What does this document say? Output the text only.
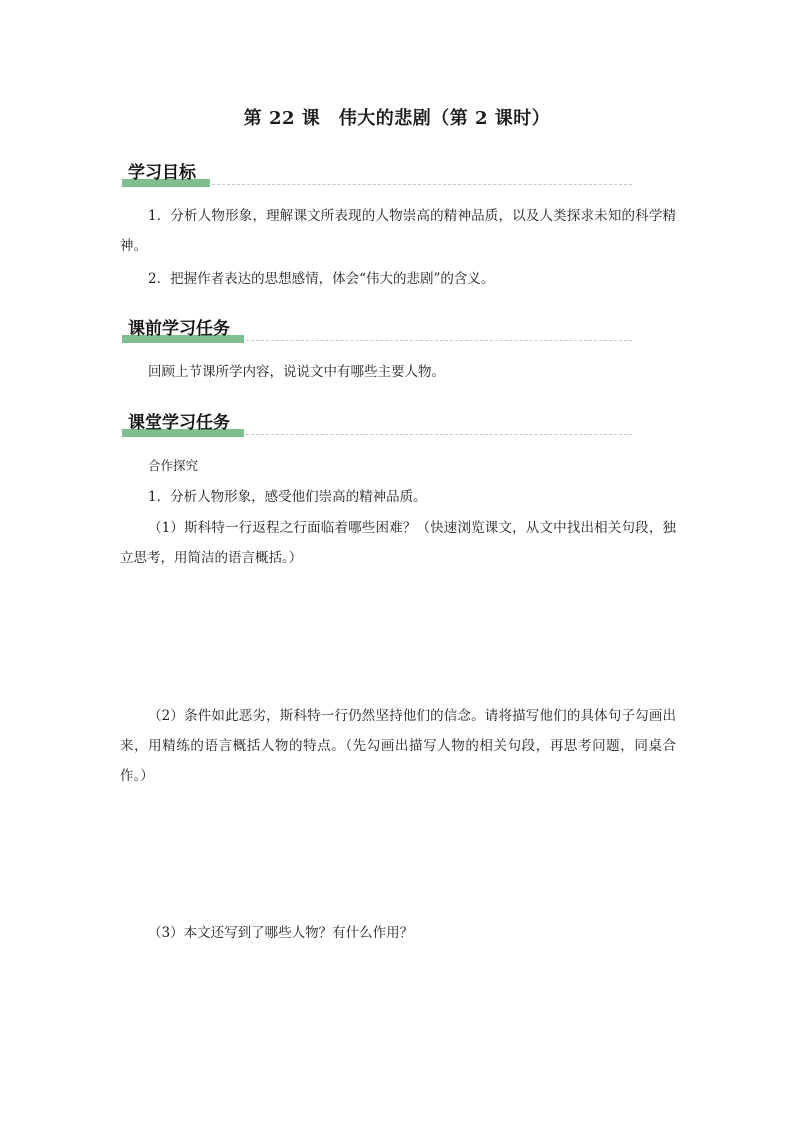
第 22 课　伟大的悲剧（第 2 课时）
学习目标
1．分析人物形象，理解课文所表现的人物崇高的精神品质，以及人类探求未知的科学精神。
2．把握作者表达的思想感情，体会“伟大的悲剧”的含义。
课前学习任务
回顾上节课所学内容，说说文中有哪些主要人物。
课堂学习任务
合作探究
1．分析人物形象，感受他们崇高的精神品质。
（1）斯科特一行返程之行面临着哪些困难？（快速浏览课文，从文中找出相关句段，独立思考，用简洁的语言概括。）
（2）条件如此恶劣，斯科特一行仍然坚持他们的信念。请将描写他们的具体句子勾画出来，用精练的语言概括人物的特点。（先勾画出描写人物的相关句段，再思考问题，同桌合作。）
（3）本文还写到了哪些人物？有什么作用？
